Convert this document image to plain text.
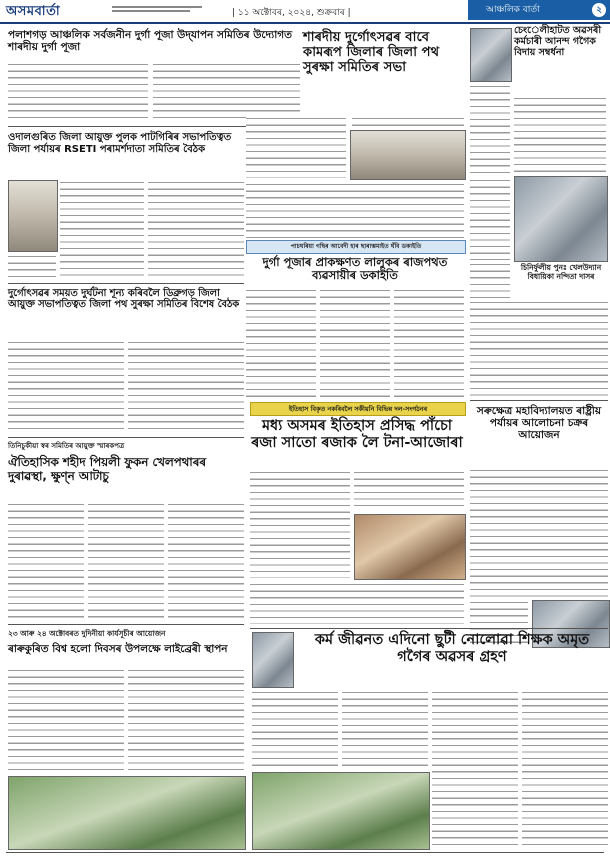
অসমবাৰ্তা	| ১১ অক্টোবৰ, ২০২৪, শুক্ৰবাৰ |	আঞ্চলিক বাৰ্তা	২
পলাশগড় আঞ্চলিক সৰ্বজনীন দুৰ্গা পূজা উদ্‌যাপন সমিতিৰ উদ্যোগত শাৰদীয় দুৰ্গা পূজা
শাৰদীয় দুৰ্গোৎসৱৰ বাবে কামৰূপ জিলাৰ জিলা পথ সুৰক্ষা সমিতিৰ সভা
চেংেলীহাটত অৱসৰী কৰ্মচাৰী আনন্দ গগৈক বিদায় সম্বৰ্ধনা
ওদালগুৰিত জিলা আয়ুক্ত পুলক পাটগিৰিৰ সভাপতিত্বত জিলা পৰ্যায়ৰ RSETI পৰামৰ্শদাতা সমিতিৰ বৈঠক
পাচঘৰিয়া গছিৰ আবেদী হাৰ ছাৰাম্ভমাইত ঘঁবি ডকাইতি
দুৰ্গা পূজাৰ প্ৰাকক্ষণত লালুকৰ ৰাজপথত ব্যৱসায়ীৰ ডকাইতি
চিনিৰ্ফুলীয় পুনঃ খেলউদ্যান বিধায়িকা নন্দিতা দাসৰ
দুৰ্গোৎসৱৰ সময়ত দুৰ্ঘটনা শূন্য কৰিবলৈ ডিব্ৰুগড় জিলা আয়ুক্ত সভাপতিত্বত জিলা পথ সুৰক্ষা সমিতিৰ বিশেষ বৈঠক
ইতিহাস বিকৃত নকৰিবলৈ সকীয়নি বিভিন্ন দল-সংগঠনৰ
মধ্য অসমৰ ইতিহাস প্ৰসিদ্ধ পাঁচো ৰজা সাতো ৰজাক লৈ টনা-আজোৰা
তিনিচুকীয়া স্বৰ সমিতিৰ আয়ুক্ত স্মাৰকপত্ৰ
ঐতিহাসিক শহীদ পিয়লী ফুকন খেলপথাৰৰ দুৰাৱস্থা, ক্ষুণ্ন আটাচু
সৰুক্ষেত্ৰ মহাবিদ্যালয়ত ৰাষ্ট্ৰীয় পৰ্যায়ৰ আলোচনা চক্ৰৰ আয়োজন
২৩ আৰু ২৪ অক্টোবৰত দুদিনীয়া কাৰ্যসূচীৰ আয়োজন
ৰাৰুকুৰিত বিশ্ব হলো দিবসৰ উপলক্ষে লাইব্ৰেৰী স্থাপন
কৰ্ম জীৱনত এদিনো ছুটী নোলোৱা শিক্ষক অমৃত গগৈৰ অৱসৰ গ্ৰহণ
